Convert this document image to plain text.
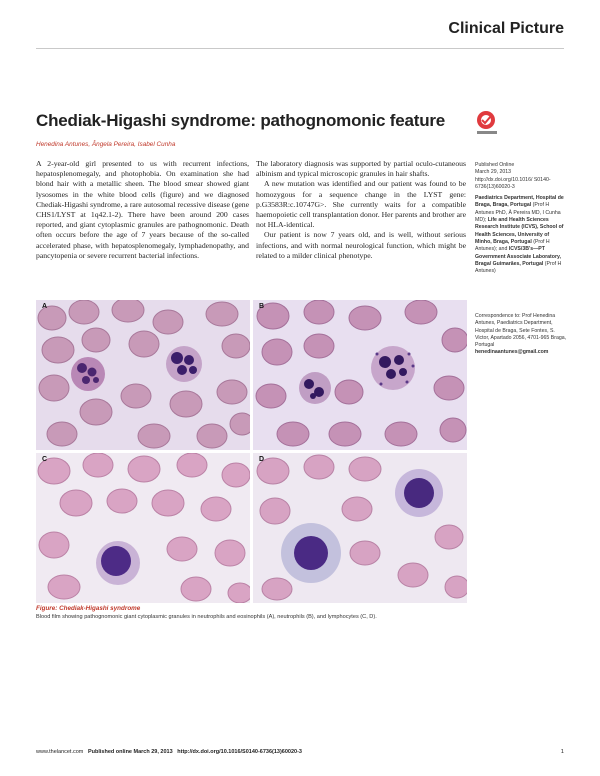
Clinical Picture
Chediak-Higashi syndrome: pathognomonic feature
Henedina Antunes, Ângela Pereira, Isabel Cunha

A 2-year-old girl presented to us with recurrent infections, hepatosplenomegaly, and photophobia. On examination she had blond hair with a metallic sheen. The blood smear showed giant lysosomes in the white blood cells (figure) and we diagnosed Chediak-Higashi syndrome, a rare autosomal recessive disease (gene CHS1/LYST at 1q42.1-2). There have been around 200 cases reported, and giant cytoplasmic granules are pathognomonic. Death often occurs before the age of 7 years because of the so-called accelerated phase, with hepatosplenomegaly, lymphadenopathy, and pancytopenia or severe recurrent bacterial infections.

The laboratory diagnosis was supported by partial oculo-cutaneous albinism and typical microscopic granules in hair shafts.

A new mutation was identified and our patient was found to be homozygous for a sequence change in the LYST gene: p.G3583R:c.10747G>. She currently waits for a compatible haemopoietic cell transplantation donor. Her parents and brother are not HLA-identical.

Our patient is now 7 years old, and is well, without serious infections, and with normal neurological function, which might be related to a milder clinical phenotype.

Published Online
March 29, 2013
http://dx.doi.org/10.1016/ S0140-6736(13)60020-3
Paediatrics Department, Hospital de Braga, Braga, Portugal (Prof H Antunes PhD, Â Pereira MD, I Cunha MD); Life and Health Sciences Research Institute (ICVS), School of Health Sciences, University of Minho, Braga, Portugal (Prof H Antunes); and ICVS/3B's—PT Government Associate Laboratory, Braga/ Guimarães, Portugal (Prof H Antunes)
Correspondence to: Prof Henedina Antunes, Paediatrics Department, Hospital de Braga, Sete Fontes, S. Victor, Apartado 2056, 4701-965 Braga, Portugal
henedinaantunes@gmail.com
A	B
C	D
Figure: Chediak-Higashi syndrome
Blood film showing pathognomonic giant cytoplasmic granules in neutrophils and eosinophils (A), neutrophils (B), and lymphocytes (C, D).
www.thelancet.com Published online March 29, 2013 http://dx.doi.org/10.1016/S0140-6736(13)60020-3	1
